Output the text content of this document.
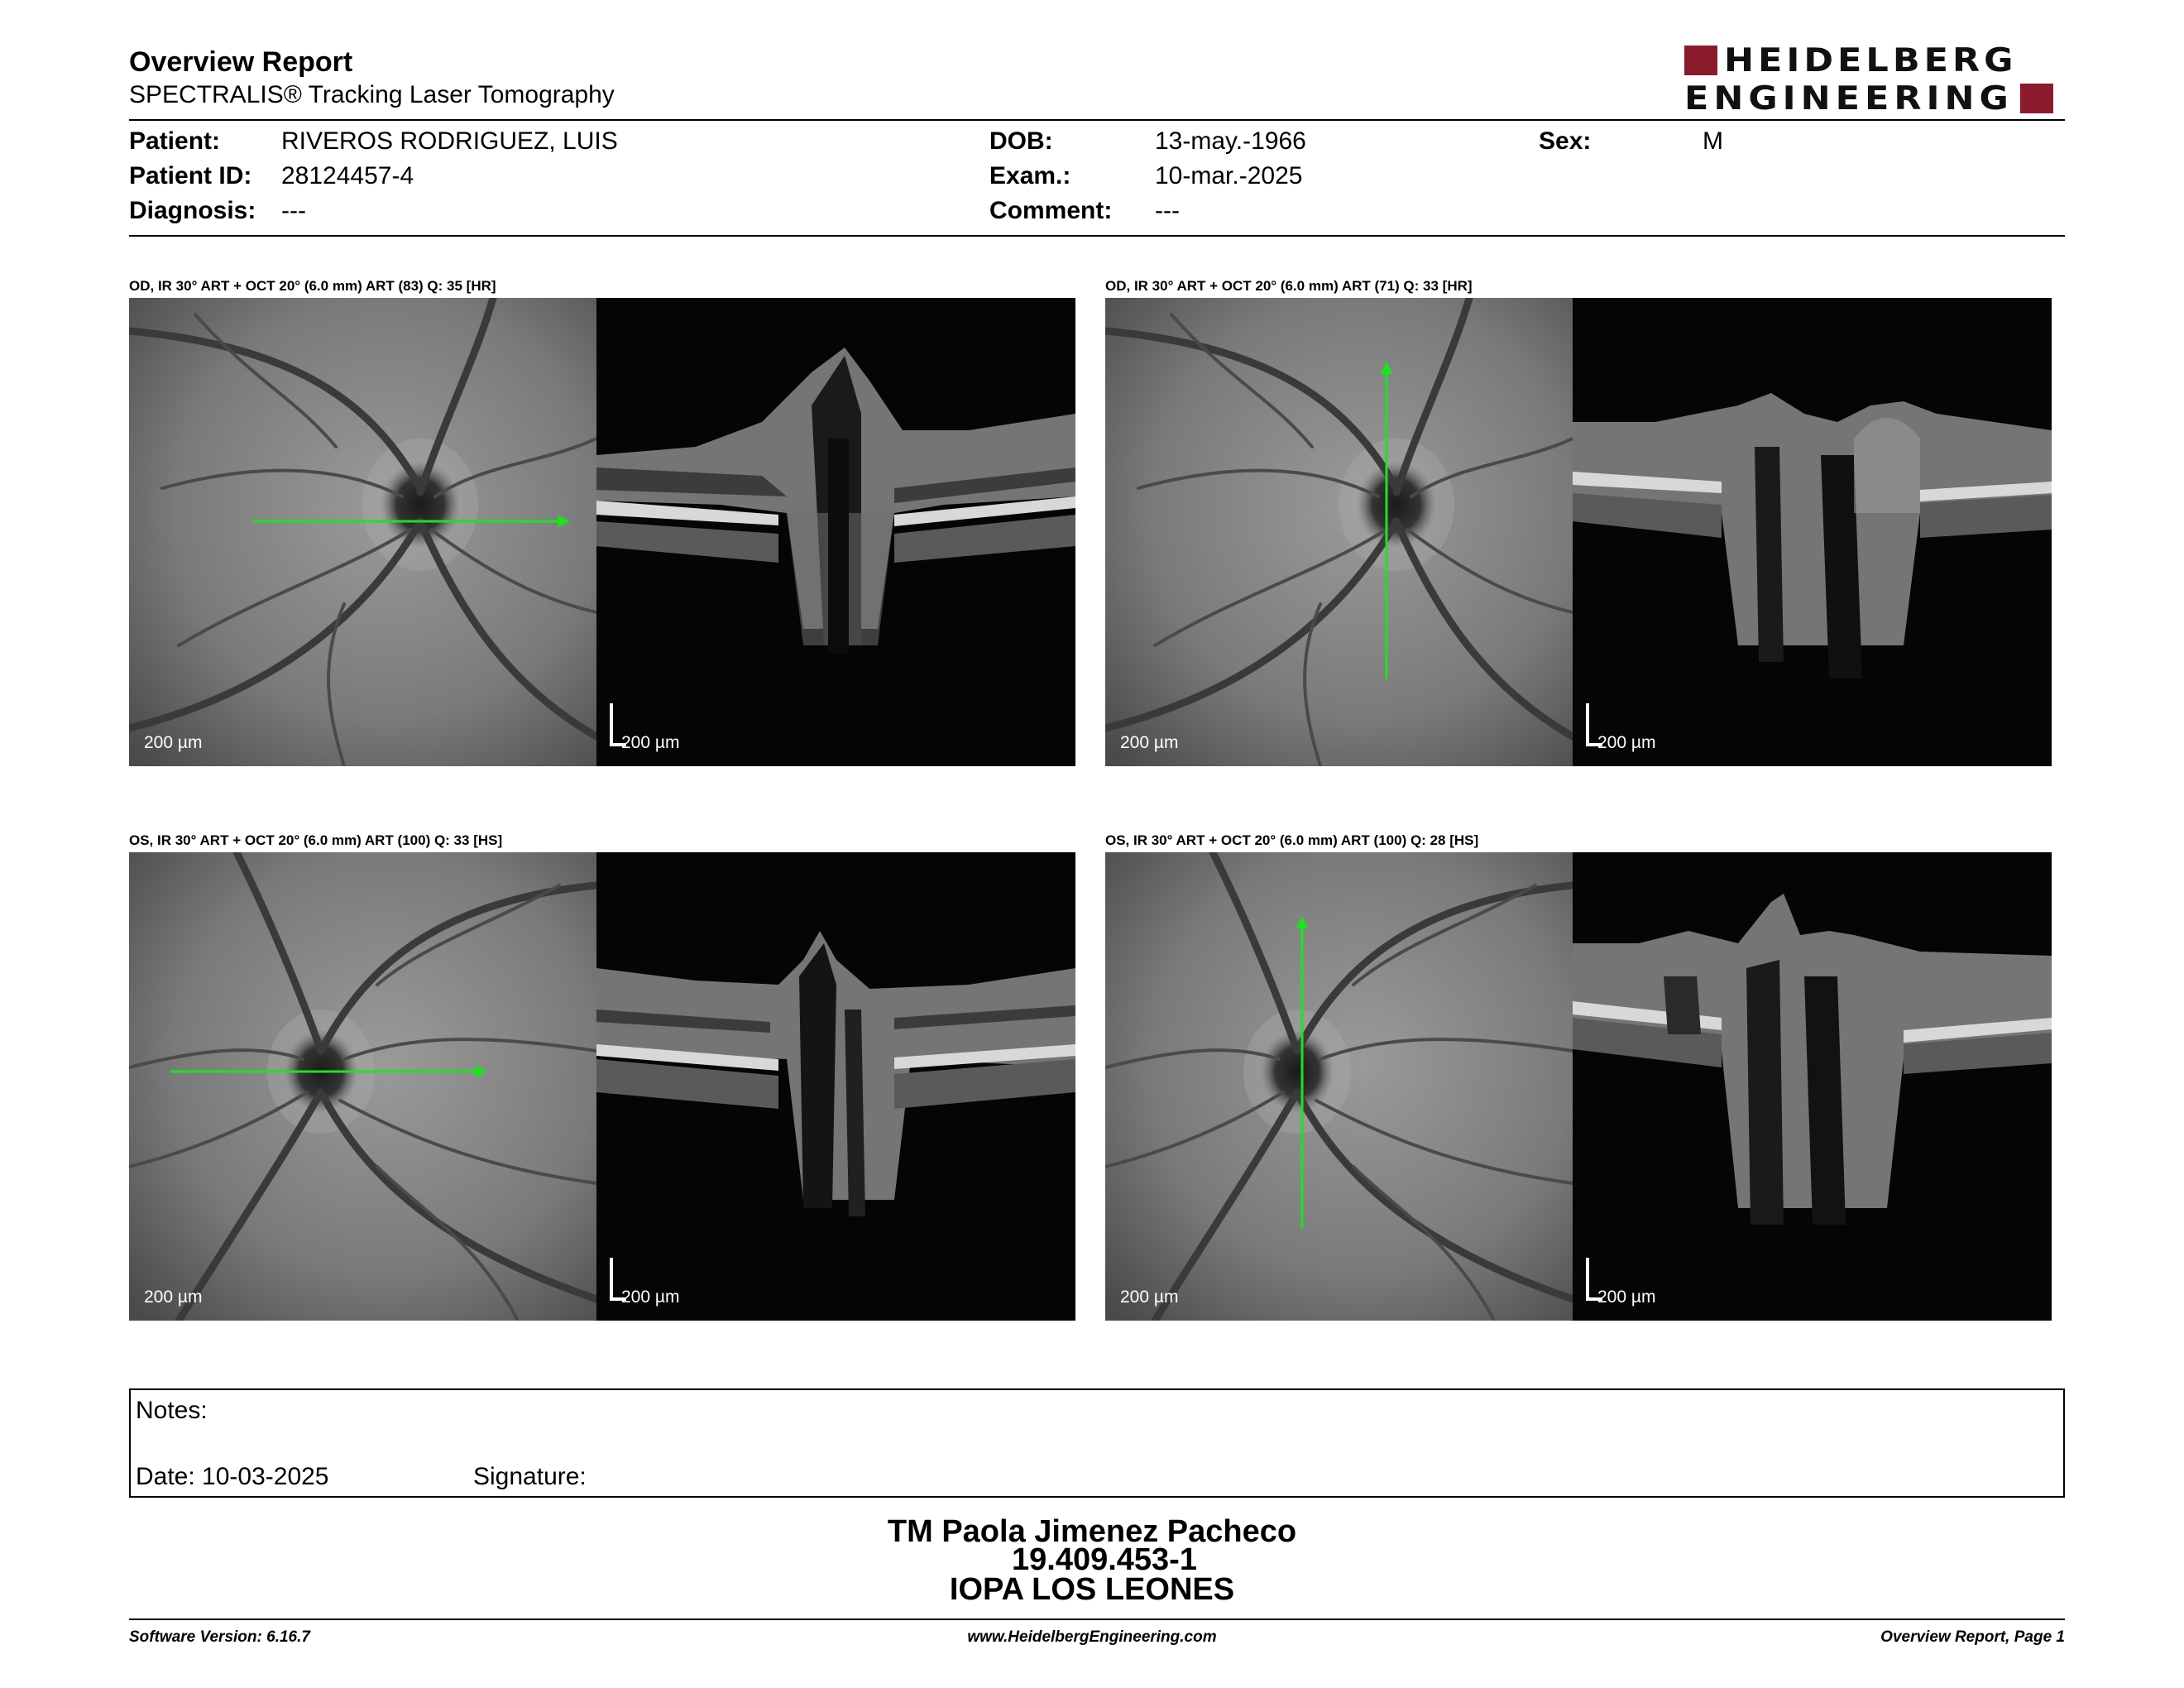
Overview Report
SPECTRALIS® Tracking Laser Tomography
HEIDELBERG
ENGINEERING
Patient: RIVEROS RODRIGUEZ, LUIS
Patient ID: 28124457-4
Diagnosis: ---
DOB:	13-may.-1966
Exam.:	10-mar.-2025
Comment: ---
Sex:	M
OD, IR 30° ART + OCT 20° (6.0 mm) ART (83) Q: 35 [HR]
200 µm	200 µm
OD, IR 30° ART + OCT 20° (6.0 mm) ART (71) Q: 33 [HR]
200 µm	200 µm
OS, IR 30° ART + OCT 20° (6.0 mm) ART (100) Q: 33 [HS]
200 µm	200 µm
OS, IR 30° ART + OCT 20° (6.0 mm) ART (100) Q: 28 [HS]
200 µm	200 µm
Notes:
Date: 10-03-2025	Signature:
TM Paola Jimenez Pacheco
19.409.453-1
IOPA LOS LEONES
Software Version: 6.16.7	www.HeidelbergEngineering.com	Overview Report, Page 1
